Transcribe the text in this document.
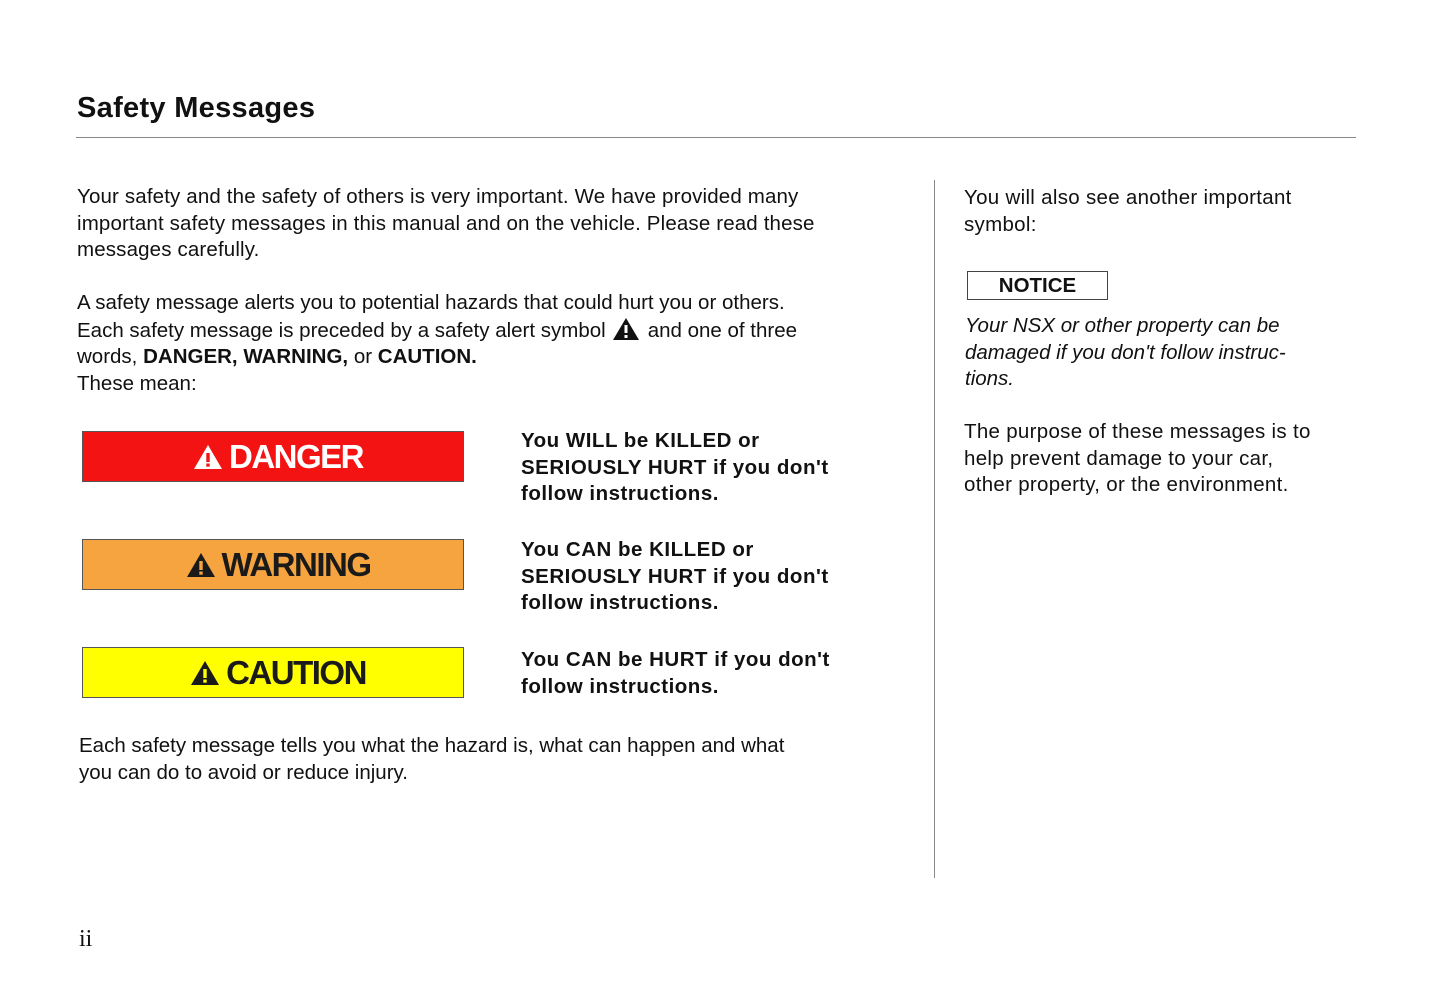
Safety Messages
Your safety and the safety of others is very important. We have provided many
important safety messages in this manual and on the vehicle. Please read these
messages carefully.
A safety message alerts you to potential hazards that could hurt you or others.
Each safety message is preceded by a safety alert symbol and one of three
words, DANGER, WARNING, or CAUTION.
These mean:
DANGER	You WILL be KILLED or
SERIOUSLY HURT if you don't
follow instructions.
WARNING	You CAN be KILLED or
SERIOUSLY HURT if you don't
follow instructions.
CAUTION	You CAN be HURT if you don't
follow instructions.
Each safety message tells you what the hazard is, what can happen and what
you can do to avoid or reduce injury.
You will also see another important
symbol:
NOTICE
Your NSX or other property can be
damaged if you don't follow instruc-
tions.
The purpose of these messages is to
help prevent damage to your car,
other property, or the environment.
ii
